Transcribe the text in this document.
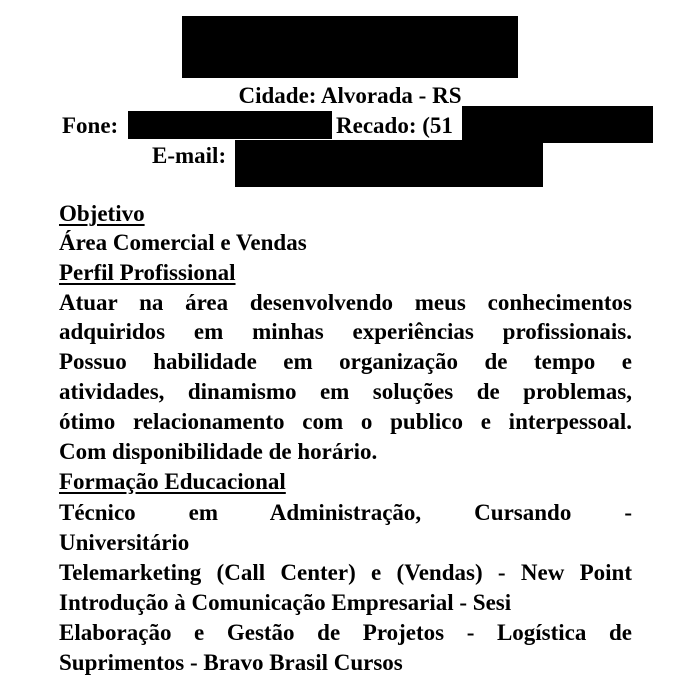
Cidade: Alvorada - RS
Fone:	Recado: (51
E-mail:
Objetivo
Área Comercial e Vendas
Perfil Profissional
Atuar na área desenvolvendo meus conhecimentos
adquiridos em minhas experiências profissionais.
Possuo habilidade em organização de tempo e
atividades, dinamismo em soluções de problemas,
ótimo relacionamento com o publico e interpessoal.
Com disponibilidade de horário.
Formação Educacional
Técnico em Administração, Cursando -
Universitário
Telemarketing (Call Center) e (Vendas) - New Point
Introdução à Comunicação Empresarial - Sesi
Elaboração e Gestão de Projetos - Logística de
Suprimentos - Bravo Brasil Cursos
